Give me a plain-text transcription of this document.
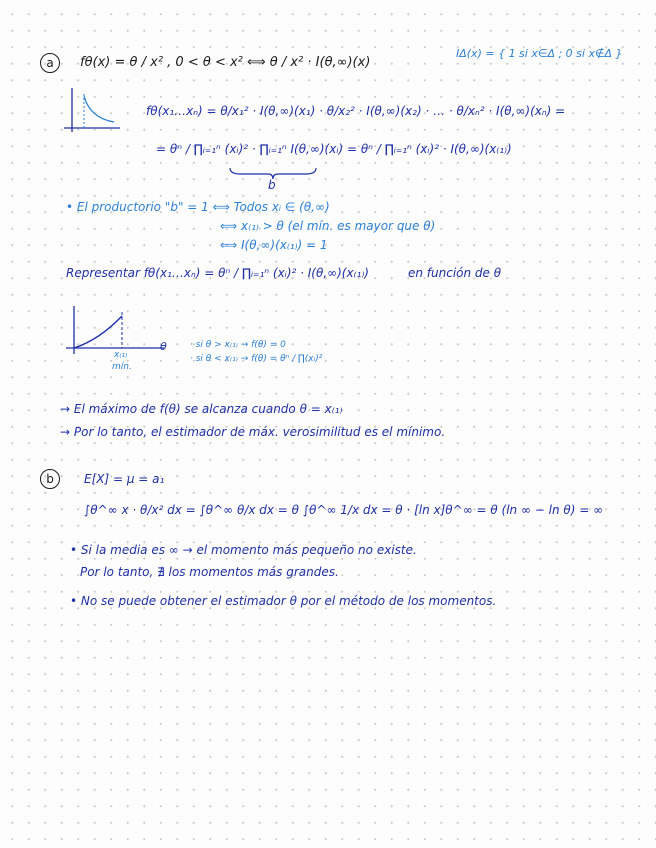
a	fθ(x) = θ / x² , 0 < θ < x² ⟺ θ / x² · I(θ,∞)(x)
IΔ(x) = { 1 si x∈Δ ; 0 si x∉Δ }
fθ(x₁…xₙ) = θ/x₁² · I(θ,∞)(x₁) · θ/x₂² · I(θ,∞)(x₂) · … · θ/xₙ² · I(θ,∞)(xₙ) =
= θⁿ / ∏ᵢ₌₁ⁿ (xᵢ)² · ∏ᵢ₌₁ⁿ I(θ,∞)(xᵢ) = θⁿ / ∏ᵢ₌₁ⁿ (xᵢ)² · I(θ,∞)(x₍₁₎)
b
• El productorio "b" = 1 ⟺ Todos xᵢ ∈ (θ,∞)
⟺ x₍₁₎ > θ (el mín. es mayor que θ)
⟺ I(θ,∞)(x₍₁₎) = 1
Representar fθ(x₁…xₙ) = θⁿ / ∏ᵢ₌₁ⁿ (xᵢ)² · I(θ,∞)(x₍₁₎)	en función de θ
θ
x₍₁₎
mín.
· si θ > x₍₁₎ → f(θ) = 0
· si θ < x₍₁₎ → f(θ) = θⁿ / ∏(xᵢ)²
→ El máximo de f(θ) se alcanza cuando θ = x₍₁₎
→ Por lo tanto, el estimador de máx. verosimilitud es el mínimo.
b	E[X] = μ = a₁
∫θ^∞ x · θ/x² dx = ∫θ^∞ θ/x dx = θ ∫θ^∞ 1/x dx = θ · [ln x]θ^∞ = θ (ln ∞ − ln θ) = ∞
• Si la media es ∞ → el momento más pequeño no existe.
Por lo tanto, ∄ los momentos más grandes.
• No se puede obtener el estimador θ por el método de los momentos.
